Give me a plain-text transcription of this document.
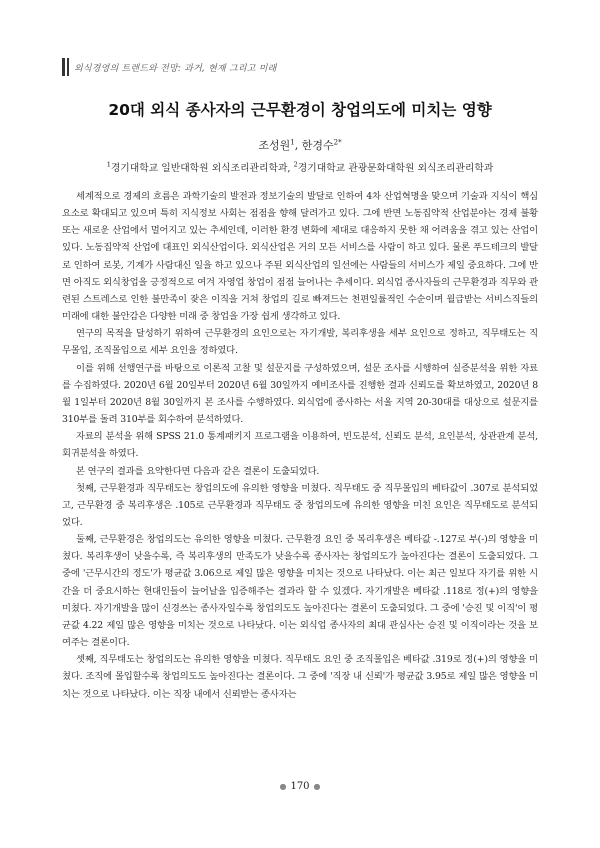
외식경영의 트렌드와 전망: 과거, 현재 그리고 미래
20대 외식 종사자의 근무환경이 창업의도에 미치는 영향
조성원$^1$, 한경수$^{2*}$
$^1$경기대학교 일반대학원 외식조리관리학과, $^2$경기대학교 관광문화대학원 외식조리관리학과

세계적으로 경제의 흐름은 과학기술의 발전과 정보기술의 발달로 인하여 4차 산업혁명을 맞으며 기술과 지식이 핵심요소로 확대되고 있으며 특히 지식정보 사회는 점점을 향해 달려가고 있다. 그에 반면 노동집약적 산업분야는 경제 불황 또는 새로운 산업에서 멀어지고 있는 추세인데, 이러한 환경 변화에 제대로 대응하지 못한 채 어려움을 겪고 있는 산업이 있다. 노동집약적 산업에 대표인 외식산업이다. 외식산업은 거의 모든 서비스를 사람이 하고 있다. 물론 푸드테크의 발달로 인하여 로봇, 기계가 사람대신 일을 하고 있으나 주된 외식산업의 일선에는 사람들의 서비스가 제일 중요하다. 그에 반면 아직도 외식창업을 긍정적으로 여겨 자영업 창업이 점점 늘어나는 추세이다. 외식업 종사자들의 근무환경과 직무와 관련된 스트레스로 인한 불만족이 잦은 이직을 거쳐 창업의 길로 빠져드는 천편일률적인 수순이며 월급받는 서비스직들의 미래에 대한 불안감은 다양한 미래 중 창업을 가장 쉽게 생각하고 있다.

연구의 목적을 달성하기 위하여 근무환경의 요인으로는 자기개발, 복리후생을 세부 요인으로 정하고, 직무태도는 직무몰입, 조직몰입으로 세부 요인을 정하였다.

이를 위해 선행연구를 바탕으로 이론적 고찰 및 설문지를 구성하였으며, 설문 조사를 시행하여 실증분석을 위한 자료를 수집하였다. 2020년 6월 20일부터 2020년 6월 30일까지 예비조사를 진행한 결과 신뢰도를 확보하였고, 2020년 8월 1일부터 2020년 8월 30일까지 본 조사를 수행하였다. 외식업에 종사하는 서울 지역 20-30대를 대상으로 설문지를 310부를 돌려 310부를 회수하여 분석하였다.

자료의 분석을 위해 SPSS 21.0 통계패키지 프로그램을 이용하여, 빈도분석, 신뢰도 분석, 요인분석, 상관관계 분석, 회귀분석을 하였다.

본 연구의 결과를 요약한다면 다음과 같은 결론이 도출되었다.

첫째, 근무환경과 직무태도는 창업의도에 유의한 영향을 미쳤다. 직무태도 중 직무몰입의 베타값이 .307로 분석되었고, 근무환경 중 복리후생은 .105로 근무환경과 직무태도 중 창업의도에 유의한 영향을 미친 요인은 직무태도로 분석되었다.

둘째, 근무환경은 창업의도는 유의한 영향을 미쳤다. 근무환경 요인 중 복리후생은 베타값 -.127로 부(-)의 영향을 미쳤다. 복리후생이 낮을수록, 즉 복리후생의 만족도가 낮을수록 종사자는 창업의도가 높아진다는 결론이 도출되었다. 그 중에 '근무시간의 정도'가 평균값 3.06으로 제일 많은 영향을 미치는 것으로 나타났다. 이는 최근 일보다 자기를 위한 시간을 더 중요시하는 현대인들이 늘어날을 입증해주는 결과라 할 수 있겠다. 자기개발은 베타값 .118로 정(+)의 영향을 미쳤다. 자기개발을 많이 신경쓰는 종사자일수록 창업의도도 높아진다는 결론이 도출되었다. 그 중에 '승진 및 이직'이 평균값 4.22 제일 많은 영향을 미치는 것으로 나타났다. 이는 외식업 종사자의 최대 관심사는 승진 및 이직이라는 것을 보여주는 결론이다.

셋째, 직무태도는 창업의도는 유의한 영향을 미쳤다. 직무태도 요인 중 조직몰입은 베타값 .319로 정(+)의 영향을 미쳤다. 조직에 몰입할수록 창업의도도 높아진다는 결론이다. 그 중에 '직장 내 신뢰'가 평균값 3.95로 제일 많은 영향을 미치는 것으로 나타났다. 이는 직장 내에서 신뢰받는 종사자는

● 170 ●
